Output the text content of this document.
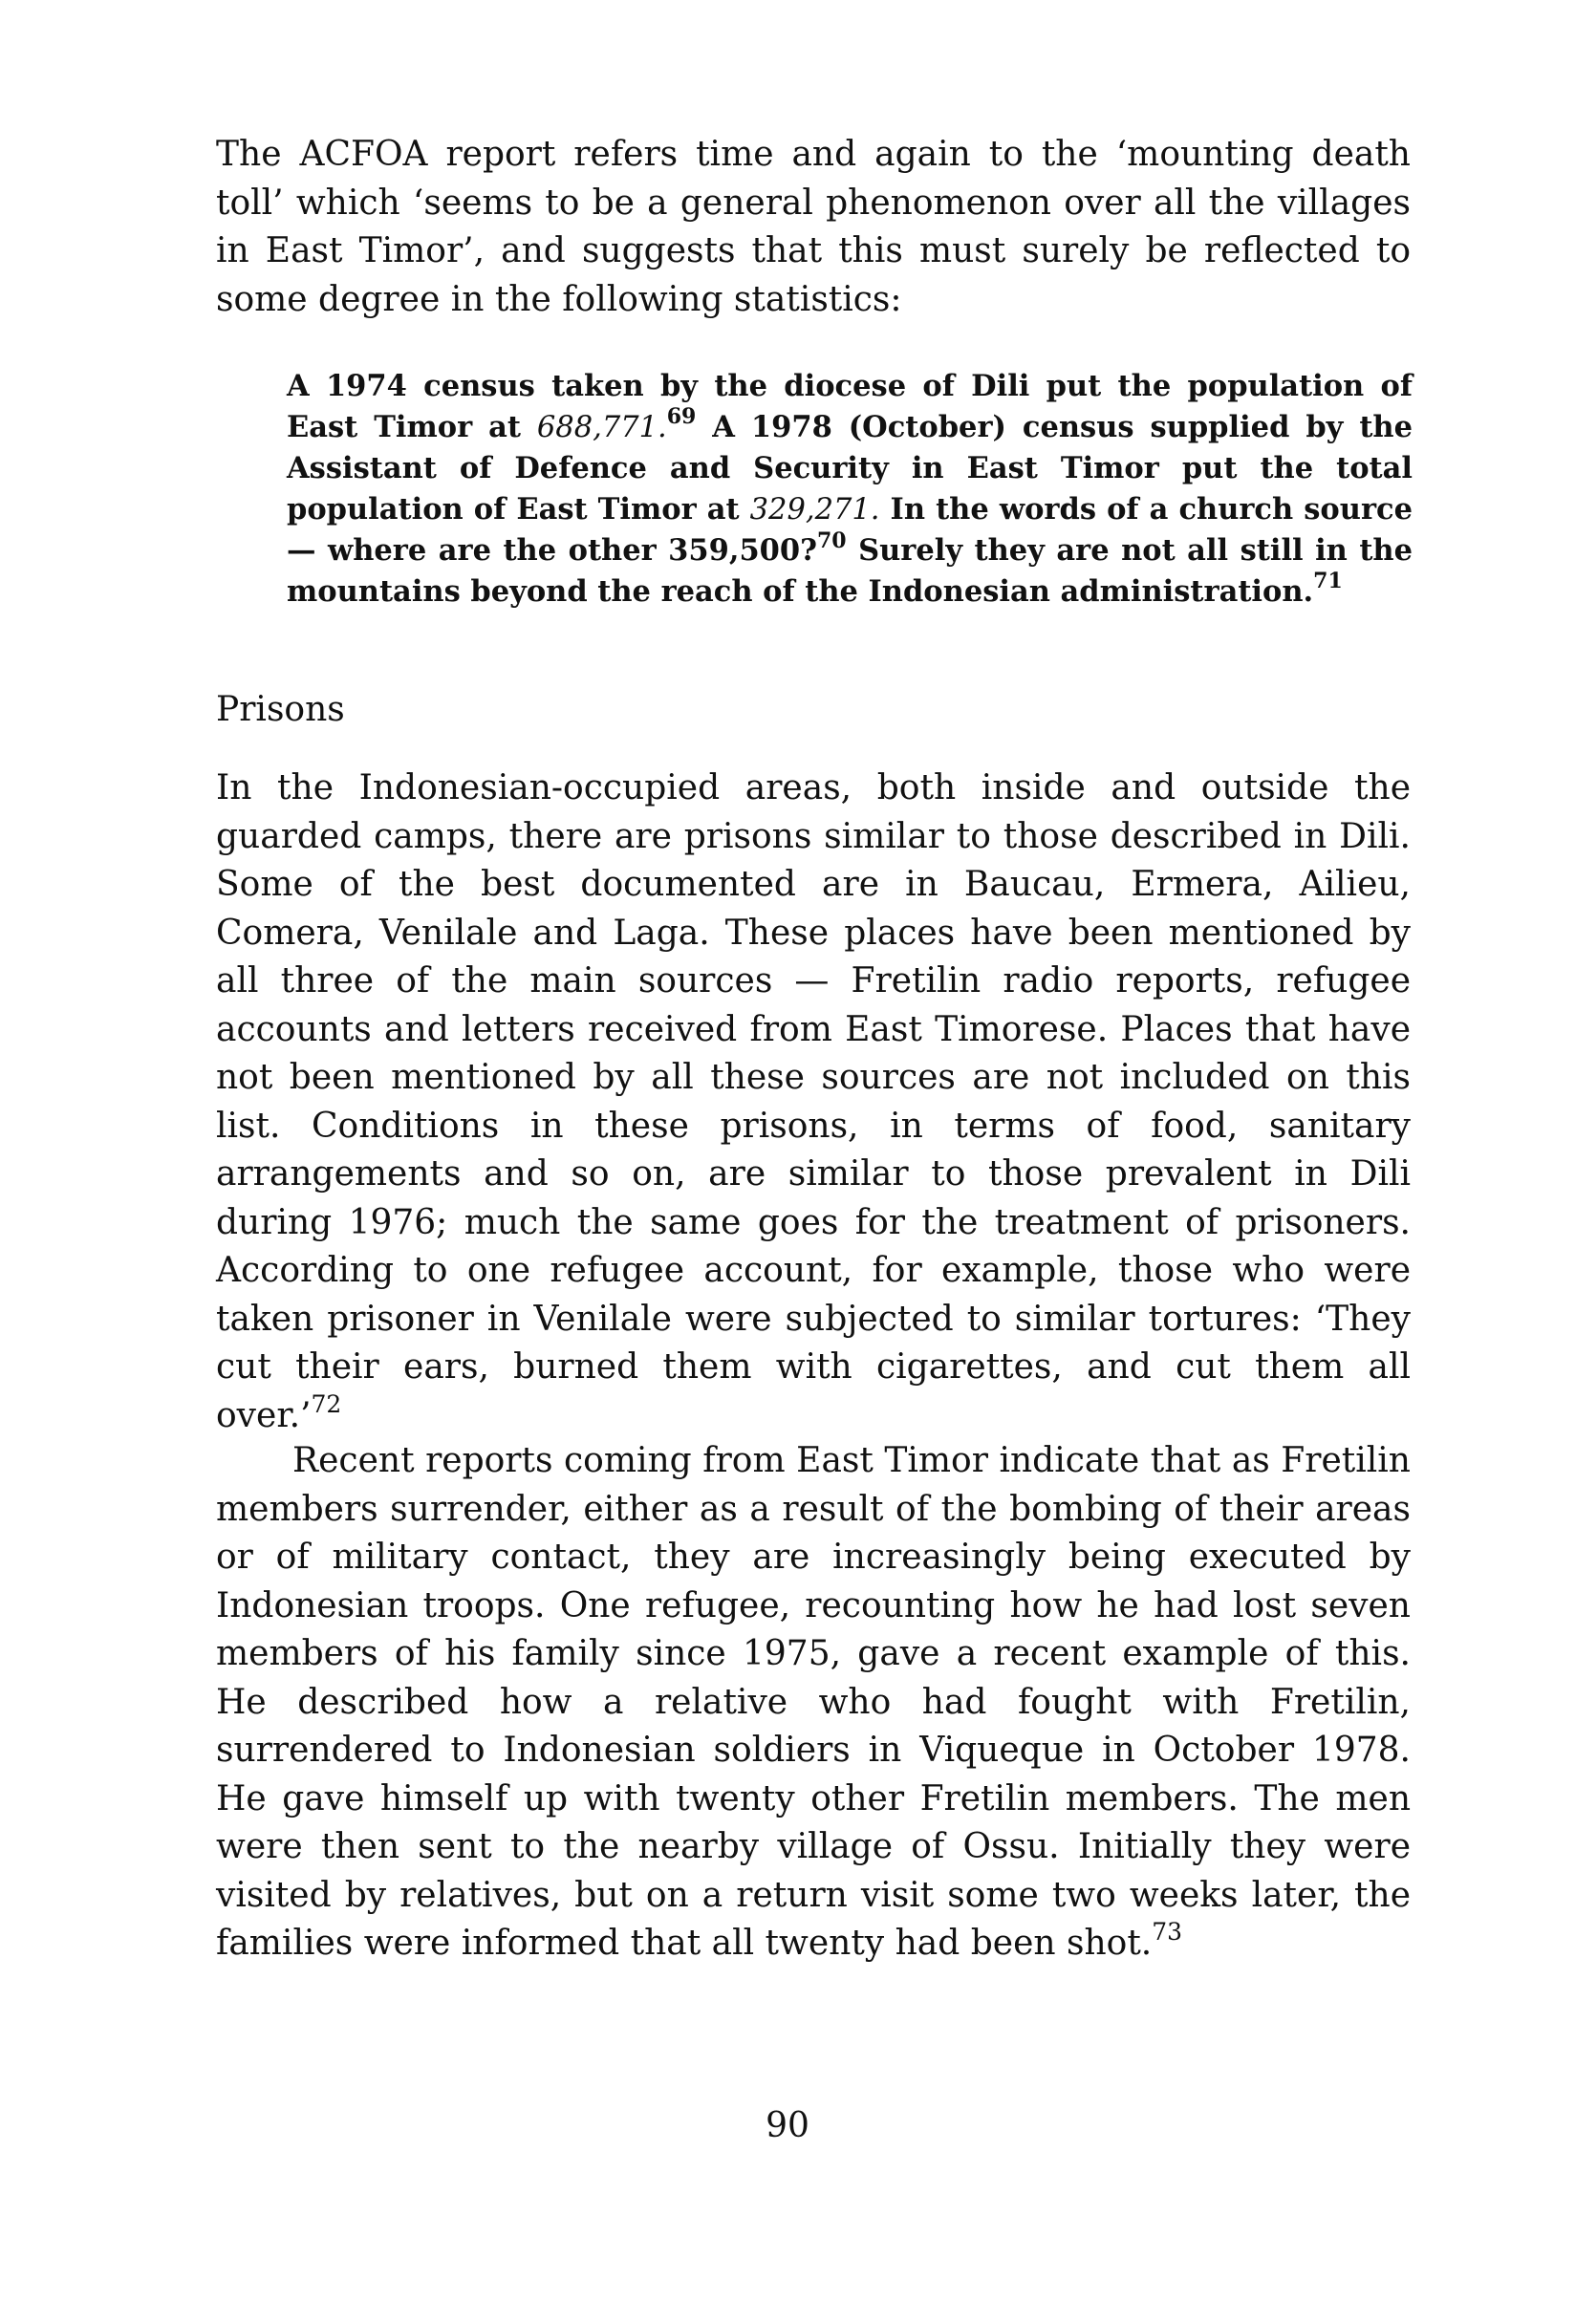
The ACFOA report refers time and again to the ‘mounting death toll’ which ‘seems to be a general phenomenon over all the villages in East Timor’, and suggests that this must surely be reflected to some degree in the following statistics:

A 1974 census taken by the diocese of Dili put the population of East Timor at 688,771.69 A 1978 (October) census supplied by the Assistant of Defence and Security in East Timor put the total population of East Timor at 329,271. In the words of a church source — where are the other 359,500?$^{70}$ Surely they are not all still in the mountains beyond the reach of the Indonesian administration.$^{71}$

Prisons

In the Indonesian-occupied areas, both inside and outside the guarded camps, there are prisons similar to those described in Dili. Some of the best documented are in Baucau, Ermera, Ailieu, Comera, Venilale and Laga. These places have been mentioned by all three of the main sources — Fretilin radio reports, refugee accounts and letters received from East Timorese. Places that have not been mentioned by all these sources are not included on this list. Conditions in these prisons, in terms of food, sanitary arrangements and so on, are similar to those prevalent in Dili during 1976; much the same goes for the treatment of prisoners. According to one refugee account, for example, those who were taken prisoner in Venilale were subjected to similar tortures: ‘They cut their ears, burned them with cigarettes, and cut them all over.’$^{72}$

Recent reports coming from East Timor indicate that as Fretilin members surrender, either as a result of the bombing of their areas or of military contact, they are increasingly being executed by Indonesian troops. One refugee, recounting how he had lost seven members of his family since 1975, gave a recent example of this. He described how a relative who had fought with Fretilin, surrendered to Indonesian soldiers in Viqueque in October 1978. He gave himself up with twenty other Fretilin members. The men were then sent to the nearby village of Ossu. Initially they were visited by relatives, but on a return visit some two weeks later, the families were informed that all twenty had been shot.$^{73}$

90
